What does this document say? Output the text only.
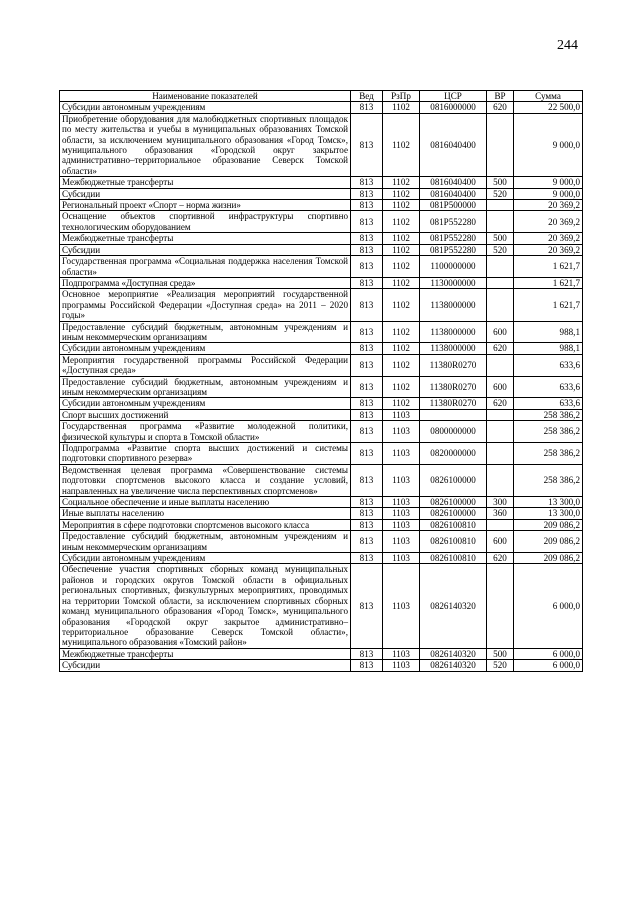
244
Наименование показателей	Вед	РзПр	ЦСР	ВР	Сумма
Субсидии автономным учреждениям	813	1102	0816000000	620	22 500,0
Приобретение оборудования для малобюджетных спортивных площадок по месту жительства и учебы в муниципальных образованиях Томской области, за исключением муниципального образования «Город Томск», муниципального образования «Городской округ закрытое административно–территориальное образование Северск Томской области»	813	1102	0816040400		9 000,0
Межбюджетные трансферты	813	1102	0816040400	500	9 000,0
Субсидии	813	1102	0816040400	520	9 000,0
Региональный проект «Спорт – норма жизни»	813	1102	081P500000		20 369,2
Оснащение объектов спортивной инфраструктуры спортивно технологическим оборудованием	813	1102	081P552280		20 369,2
Межбюджетные трансферты	813	1102	081P552280	500	20 369,2
Субсидии	813	1102	081P552280	520	20 369,2
Государственная программа «Социальная поддержка населения Томской области»	813	1102	1100000000		1 621,7
Подпрограмма «Доступная среда»	813	1102	1130000000		1 621,7
Основное мероприятие «Реализация мероприятий государственной программы Российской Федерации «Доступная среда» на 2011 – 2020 годы»	813	1102	1138000000		1 621,7
Предоставление субсидий бюджетным, автономным учреждениям и иным некоммерческим организациям	813	1102	1138000000	600	988,1
Субсидии автономным учреждениям	813	1102	1138000000	620	988,1
Мероприятия государственной программы Российской Федерации «Доступная среда»	813	1102	11380R0270		633,6
Предоставление субсидий бюджетным, автономным учреждениям и иным некоммерческим организациям	813	1102	11380R0270	600	633,6
Субсидии автономным учреждениям	813	1102	11380R0270	620	633,6
Спорт высших достижений	813	1103			258 386,2
Государственная программа «Развитие молодежной политики, физической культуры и спорта в Томской области»	813	1103	0800000000		258 386,2
Подпрограмма «Развитие спорта высших достижений и системы подготовки спортивного резерва»	813	1103	0820000000		258 386,2
Ведомственная целевая программа «Совершенствование системы подготовки спортсменов высокого класса и создание условий, направленных на увеличение числа перспективных спортсменов»	813	1103	0826100000		258 386,2
Социальное обеспечение и иные выплаты населению	813	1103	0826100000	300	13 300,0
Иные выплаты населению	813	1103	0826100000	360	13 300,0
Мероприятия в сфере подготовки спортсменов высокого класса	813	1103	0826100810		209 086,2
Предоставление субсидий бюджетным, автономным учреждениям и иным некоммерческим организациям	813	1103	0826100810	600	209 086,2
Субсидии автономным учреждениям	813	1103	0826100810	620	209 086,2
Обеспечение участия спортивных сборных команд муниципальных районов и городских округов Томской области в официальных региональных спортивных, физкультурных мероприятиях, проводимых на территории Томской области, за исключением спортивных сборных команд муниципального образования «Город Томск», муниципального образования «Городской округ закрытое административно–территориальное образование Северск Томской области», муниципального образования «Томский район»	813	1103	0826140320		6 000,0
Межбюджетные трансферты	813	1103	0826140320	500	6 000,0
Субсидии	813	1103	0826140320	520	6 000,0
